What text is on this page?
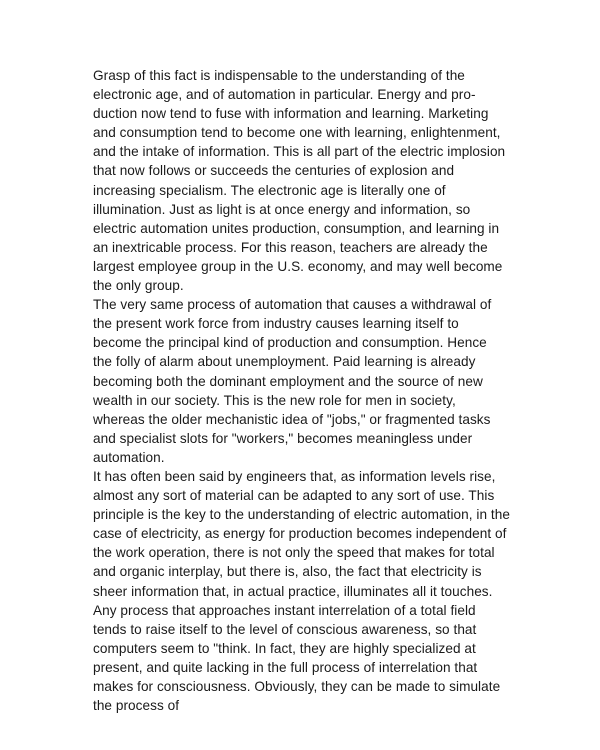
Grasp of this fact is indispensable to the understanding of the
electronic age, and of automation in particular. Energy and pro-
duction now tend to fuse with information and learning. Marketing
and consumption tend to become one with learning, enlightenment,
and the intake of information. This is all part of the electric implosion
that now follows or succeeds the centuries of explosion and
increasing specialism. The electronic age is literally one of
illumination. Just as light is at once energy and information, so
electric automation unites production, consumption, and learning in
an inextricable process. For this reason, teachers are already the
largest employee group in the U.S. economy, and may well become
the only group.
The very same process of automation that causes a withdrawal of
the present work force from industry causes learning itself to
become the principal kind of production and consumption. Hence
the folly of alarm about unemployment. Paid learning is already
becoming both the dominant employment and the source of new
wealth in our society. This is the new role for men in society,
whereas the older mechanistic idea of "jobs," or fragmented tasks
and specialist slots for "workers," becomes meaningless under
automation.
It has often been said by engineers that, as information levels rise,
almost any sort of material can be adapted to any sort of use. This
principle is the key to the understanding of electric automation, in the
case of electricity, as energy for production becomes independent of
the work operation, there is not only the speed that makes for total
and organic interplay, but there is, also, the fact that electricity is
sheer information that, in actual practice, illuminates all it touches.
Any process that approaches instant interrelation of a total field
tends to raise itself to the level of conscious awareness, so that
computers seem to "think. In fact, they are highly specialized at
present, and quite lacking in the full process of interrelation that
makes for consciousness. Obviously, they can be made to simulate
the process of
